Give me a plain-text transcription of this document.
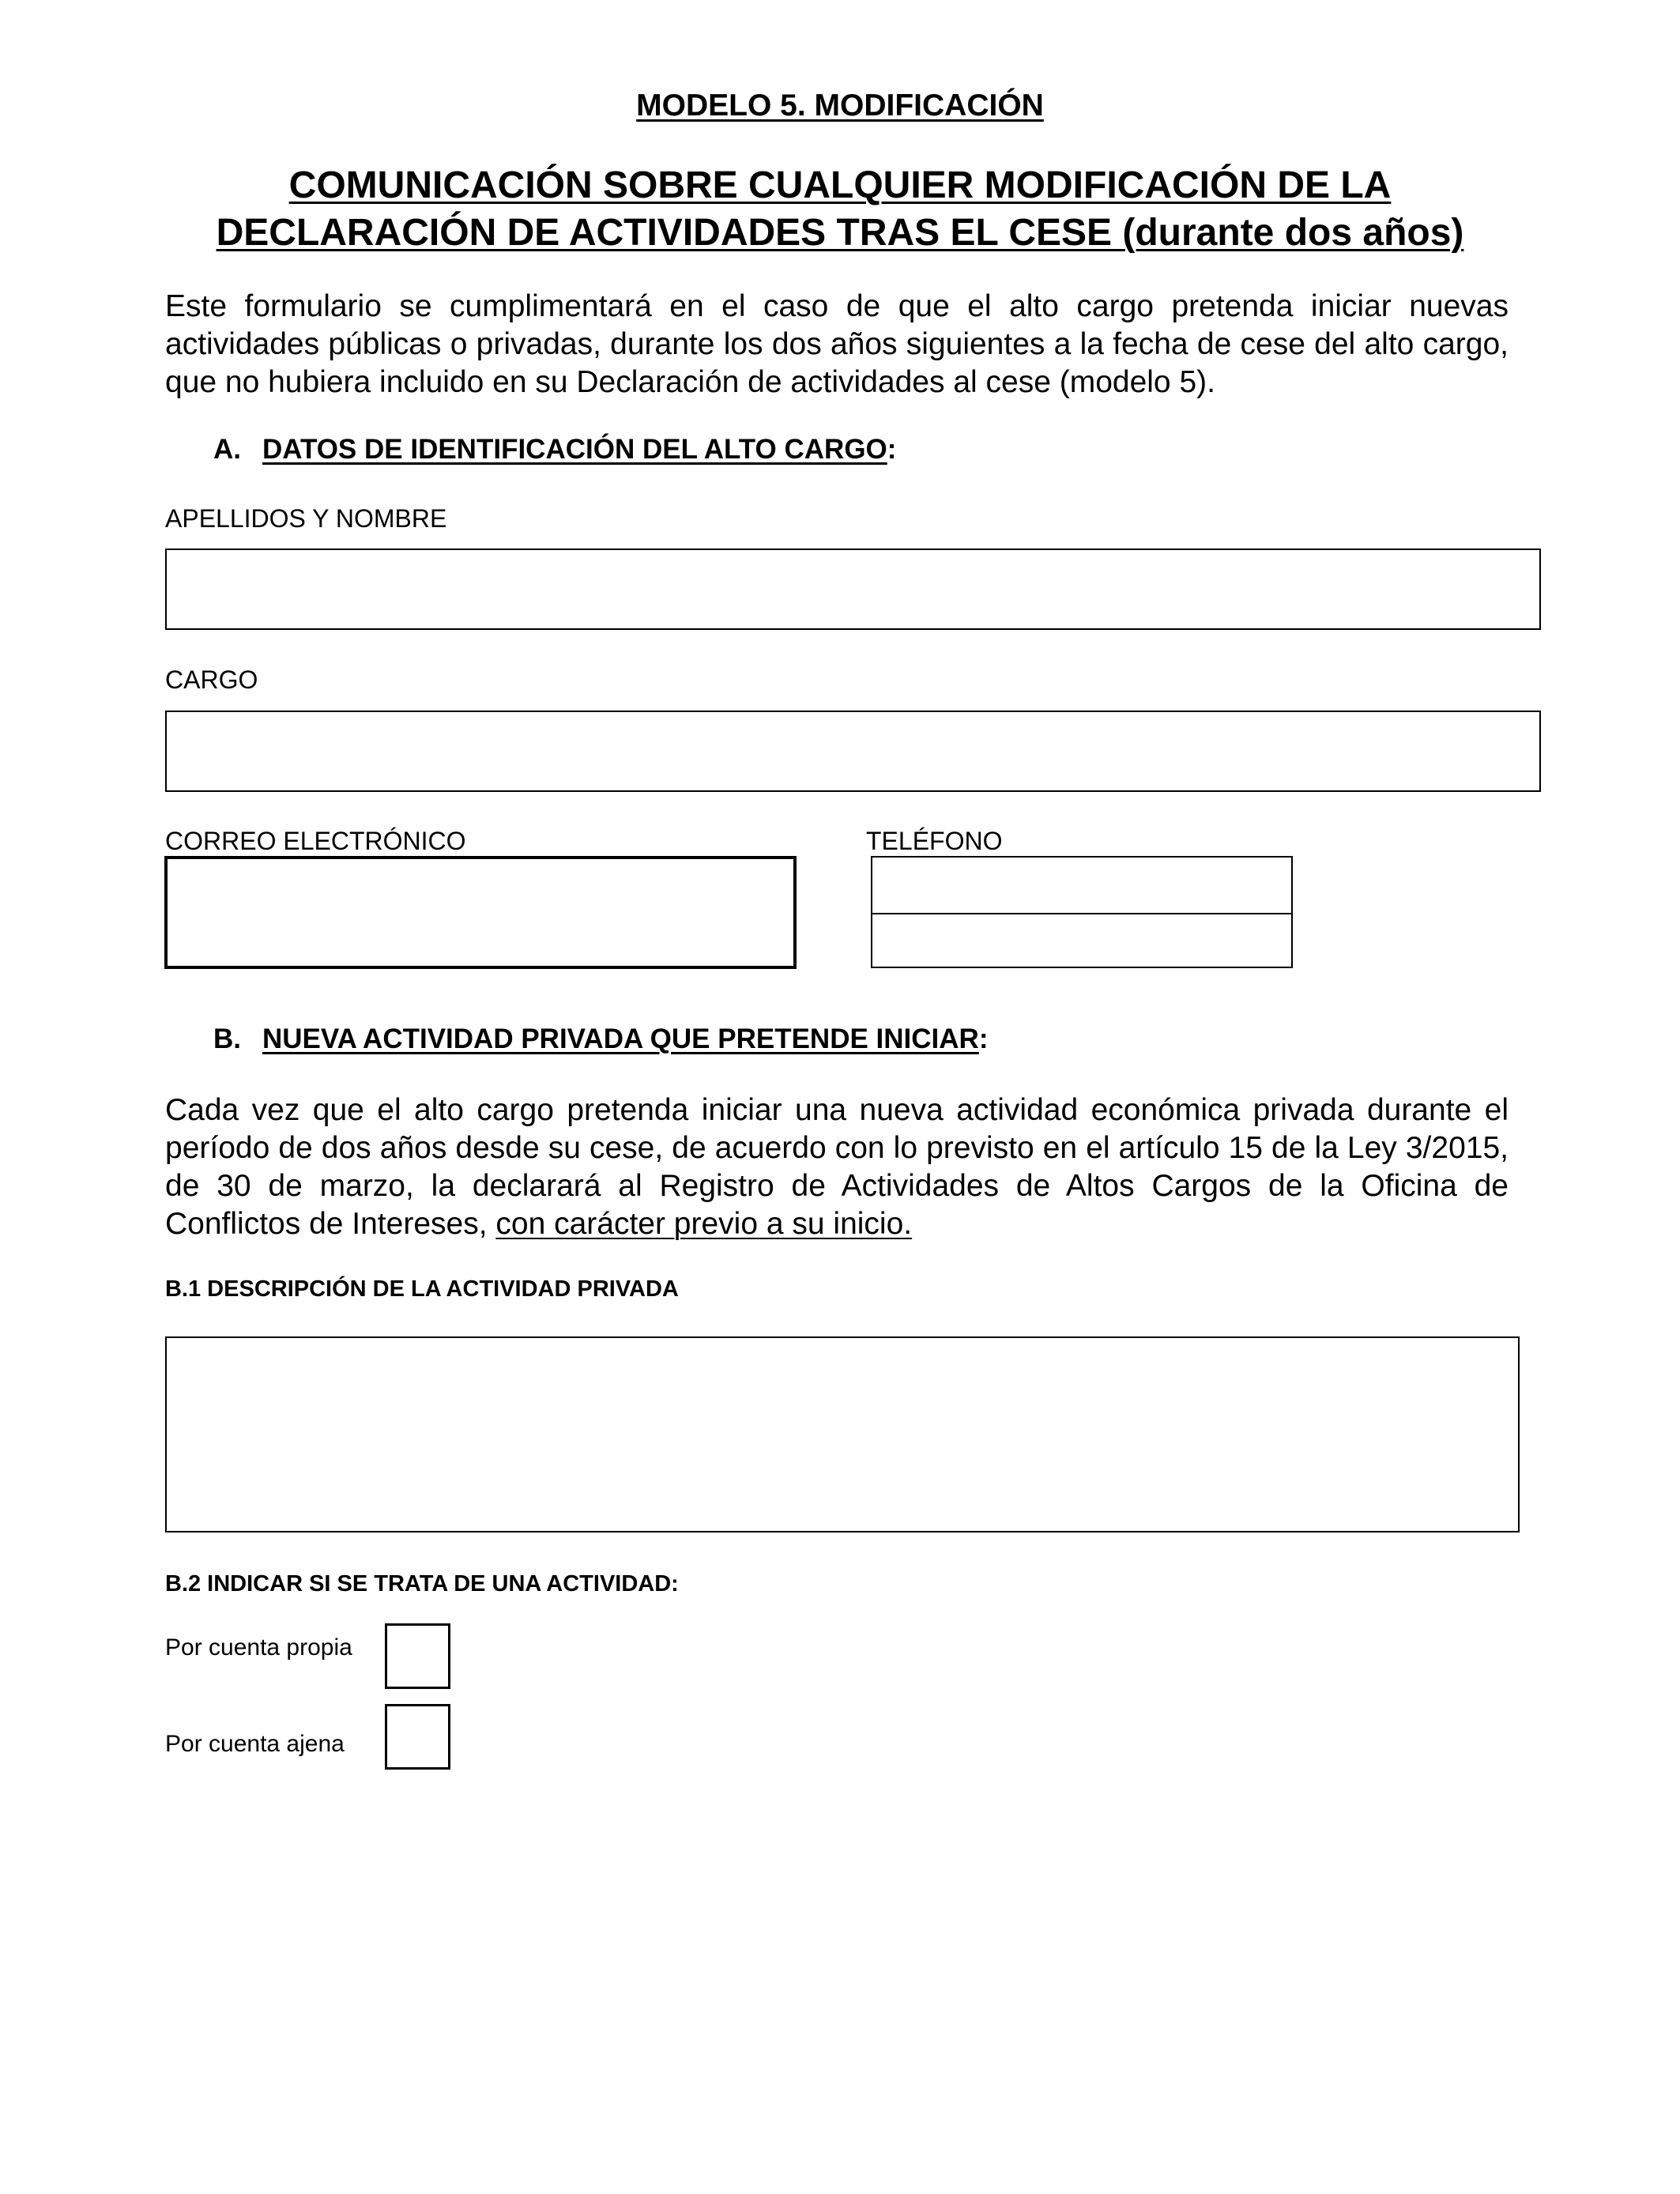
MODELO 5. MODIFICACIÓN
COMUNICACIÓN SOBRE CUALQUIER MODIFICACIÓN DE LA
DECLARACIÓN DE ACTIVIDADES TRAS EL CESE (durante dos años)
Este formulario se cumplimentará en el caso de que el alto cargo pretenda iniciar nuevas actividades públicas o privadas, durante los dos años siguientes a la fecha de cese del alto cargo, que no hubiera incluido en su Declaración de actividades al cese (modelo 5).
A. DATOS DE IDENTIFICACIÓN DEL ALTO CARGO:
APELLIDOS Y NOMBRE
CARGO
CORREO ELECTRÓNICO	TELÉFONO
B. NUEVA ACTIVIDAD PRIVADA QUE PRETENDE INICIAR:
Cada vez que el alto cargo pretenda iniciar una nueva actividad económica privada durante el período de dos años desde su cese, de acuerdo con lo previsto en el artículo 15 de la Ley 3/2015, de 30 de marzo, la declarará al Registro de Actividades de Altos Cargos de la Oficina de Conflictos de Intereses, con carácter previo a su inicio.
B.1 DESCRIPCIÓN DE LA ACTIVIDAD PRIVADA
B.2 INDICAR SI SE TRATA DE UNA ACTIVIDAD:
Por cuenta propia
Por cuenta ajena
